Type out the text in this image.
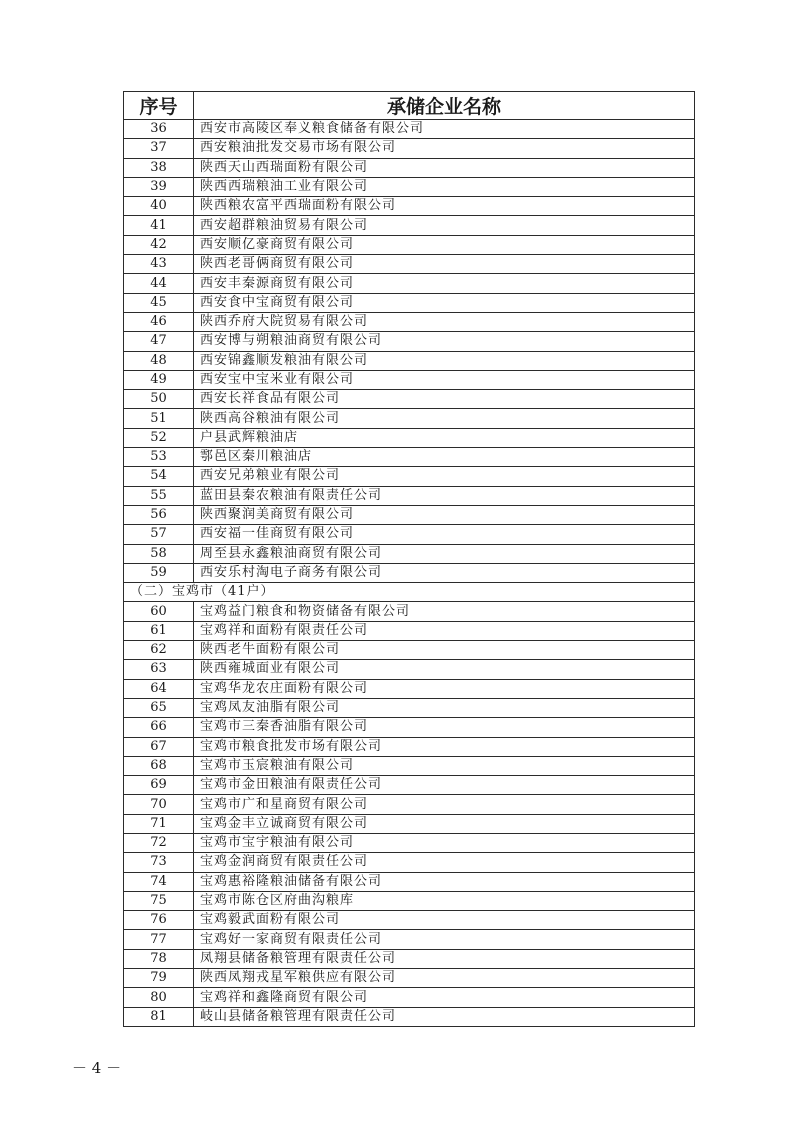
序号	承储企业名称
36	西安市高陵区奉义粮食储备有限公司
37	西安粮油批发交易市场有限公司
38	陕西天山西瑞面粉有限公司
39	陕西西瑞粮油工业有限公司
40	陕西粮农富平西瑞面粉有限公司
41	西安超群粮油贸易有限公司
42	西安顺亿豪商贸有限公司
43	陕西老哥俩商贸有限公司
44	西安丰秦源商贸有限公司
45	西安食中宝商贸有限公司
46	陕西乔府大院贸易有限公司
47	西安博与朔粮油商贸有限公司
48	西安锦鑫顺发粮油有限公司
49	西安宝中宝米业有限公司
50	西安长祥食品有限公司
51	陕西高谷粮油有限公司
52	户县武辉粮油店
53	鄠邑区秦川粮油店
54	西安兄弟粮业有限公司
55	蓝田县秦农粮油有限责任公司
56	陕西聚润美商贸有限公司
57	西安福一佳商贸有限公司
58	周至县永鑫粮油商贸有限公司
59	西安乐村淘电子商务有限公司
（二）宝鸡市（41户）	
60	宝鸡益门粮食和物资储备有限公司
61	宝鸡祥和面粉有限责任公司
62	陕西老牛面粉有限公司
63	陕西雍城面业有限公司
64	宝鸡华龙农庄面粉有限公司
65	宝鸡凤友油脂有限公司
66	宝鸡市三秦香油脂有限公司
67	宝鸡市粮食批发市场有限公司
68	宝鸡市玉宸粮油有限公司
69	宝鸡市金田粮油有限责任公司
70	宝鸡市广和星商贸有限公司
71	宝鸡金丰立诚商贸有限公司
72	宝鸡市宝宇粮油有限公司
73	宝鸡金润商贸有限责任公司
74	宝鸡惠裕隆粮油储备有限公司
75	宝鸡市陈仓区府曲沟粮库
76	宝鸡毅武面粉有限公司
77	宝鸡好一家商贸有限责任公司
78	凤翔县储备粮管理有限责任公司
79	陕西凤翔戎星军粮供应有限公司
80	宝鸡祥和鑫隆商贸有限公司
81	岐山县储备粮管理有限责任公司
－ 4 －
